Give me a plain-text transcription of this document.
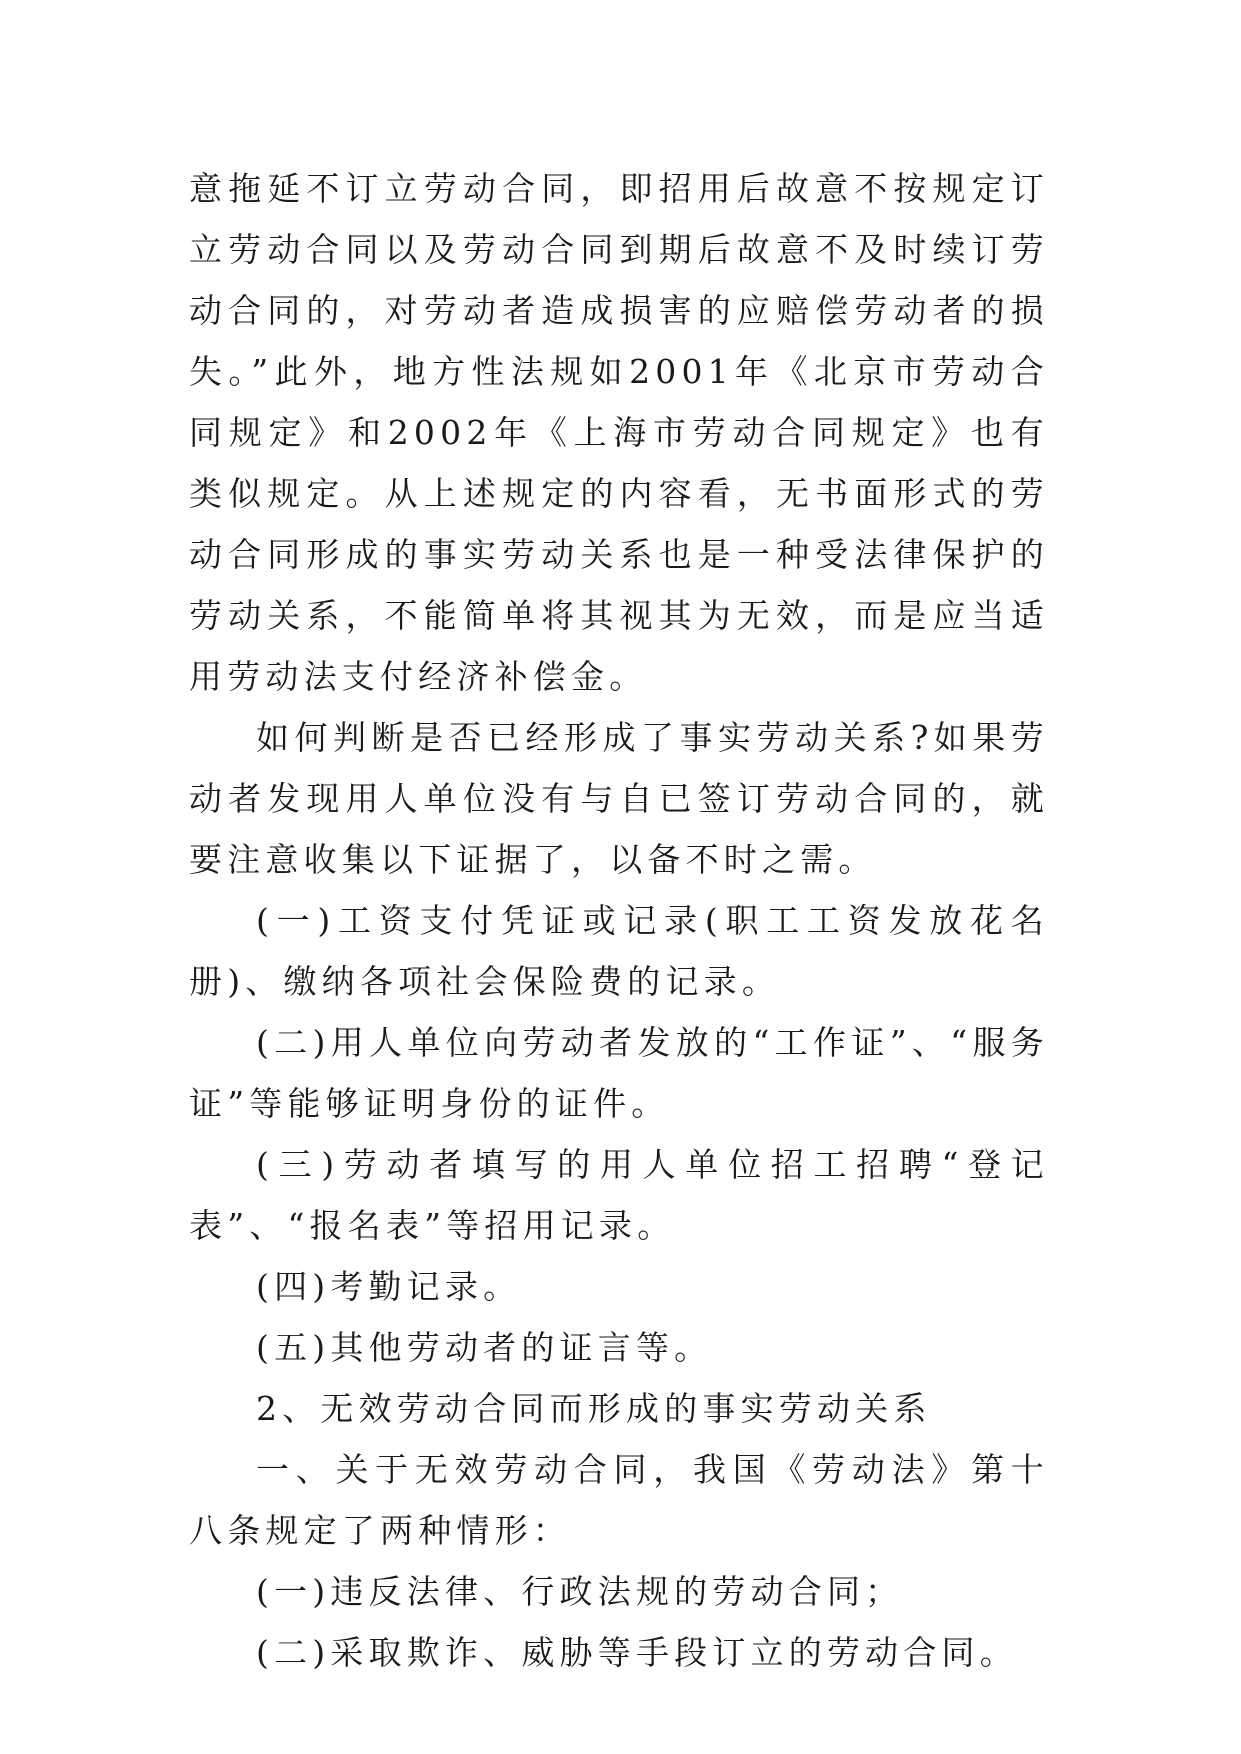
意拖延不订立劳动合同，即招用后故意不按规定订立劳动合同以及劳动合同到期后故意不及时续订劳动合同的，对劳动者造成损害的应赔偿劳动者的损失。”此外，地方性法规如2001年《北京市劳动合同规定》和2002年《上海市劳动合同规定》也有类似规定。从上述规定的内容看，无书面形式的劳动合同形成的事实劳动关系也是一种受法律保护的劳动关系，不能简单将其视其为无效，而是应当适用劳动法支付经济补偿金。

如何判断是否已经形成了事实劳动关系?如果劳动者发现用人单位没有与自已签订劳动合同的，就要注意收集以下证据了，以备不时之需。

(一)工资支付凭证或记录(职工工资发放花名册)、缴纳各项社会保险费的记录。

(二)用人单位向劳动者发放的“工作证”、“服务证”等能够证明身份的证件。

(三)劳动者填写的用人单位招工招聘“登记表”、“报名表”等招用记录。

(四)考勤记录。

(五)其他劳动者的证言等。

2、无效劳动合同而形成的事实劳动关系

一、关于无效劳动合同，我国《劳动法》第十八条规定了两种情形：

(一)违反法律、行政法规的劳动合同；

(二)采取欺诈、威胁等手段订立的劳动合同。
